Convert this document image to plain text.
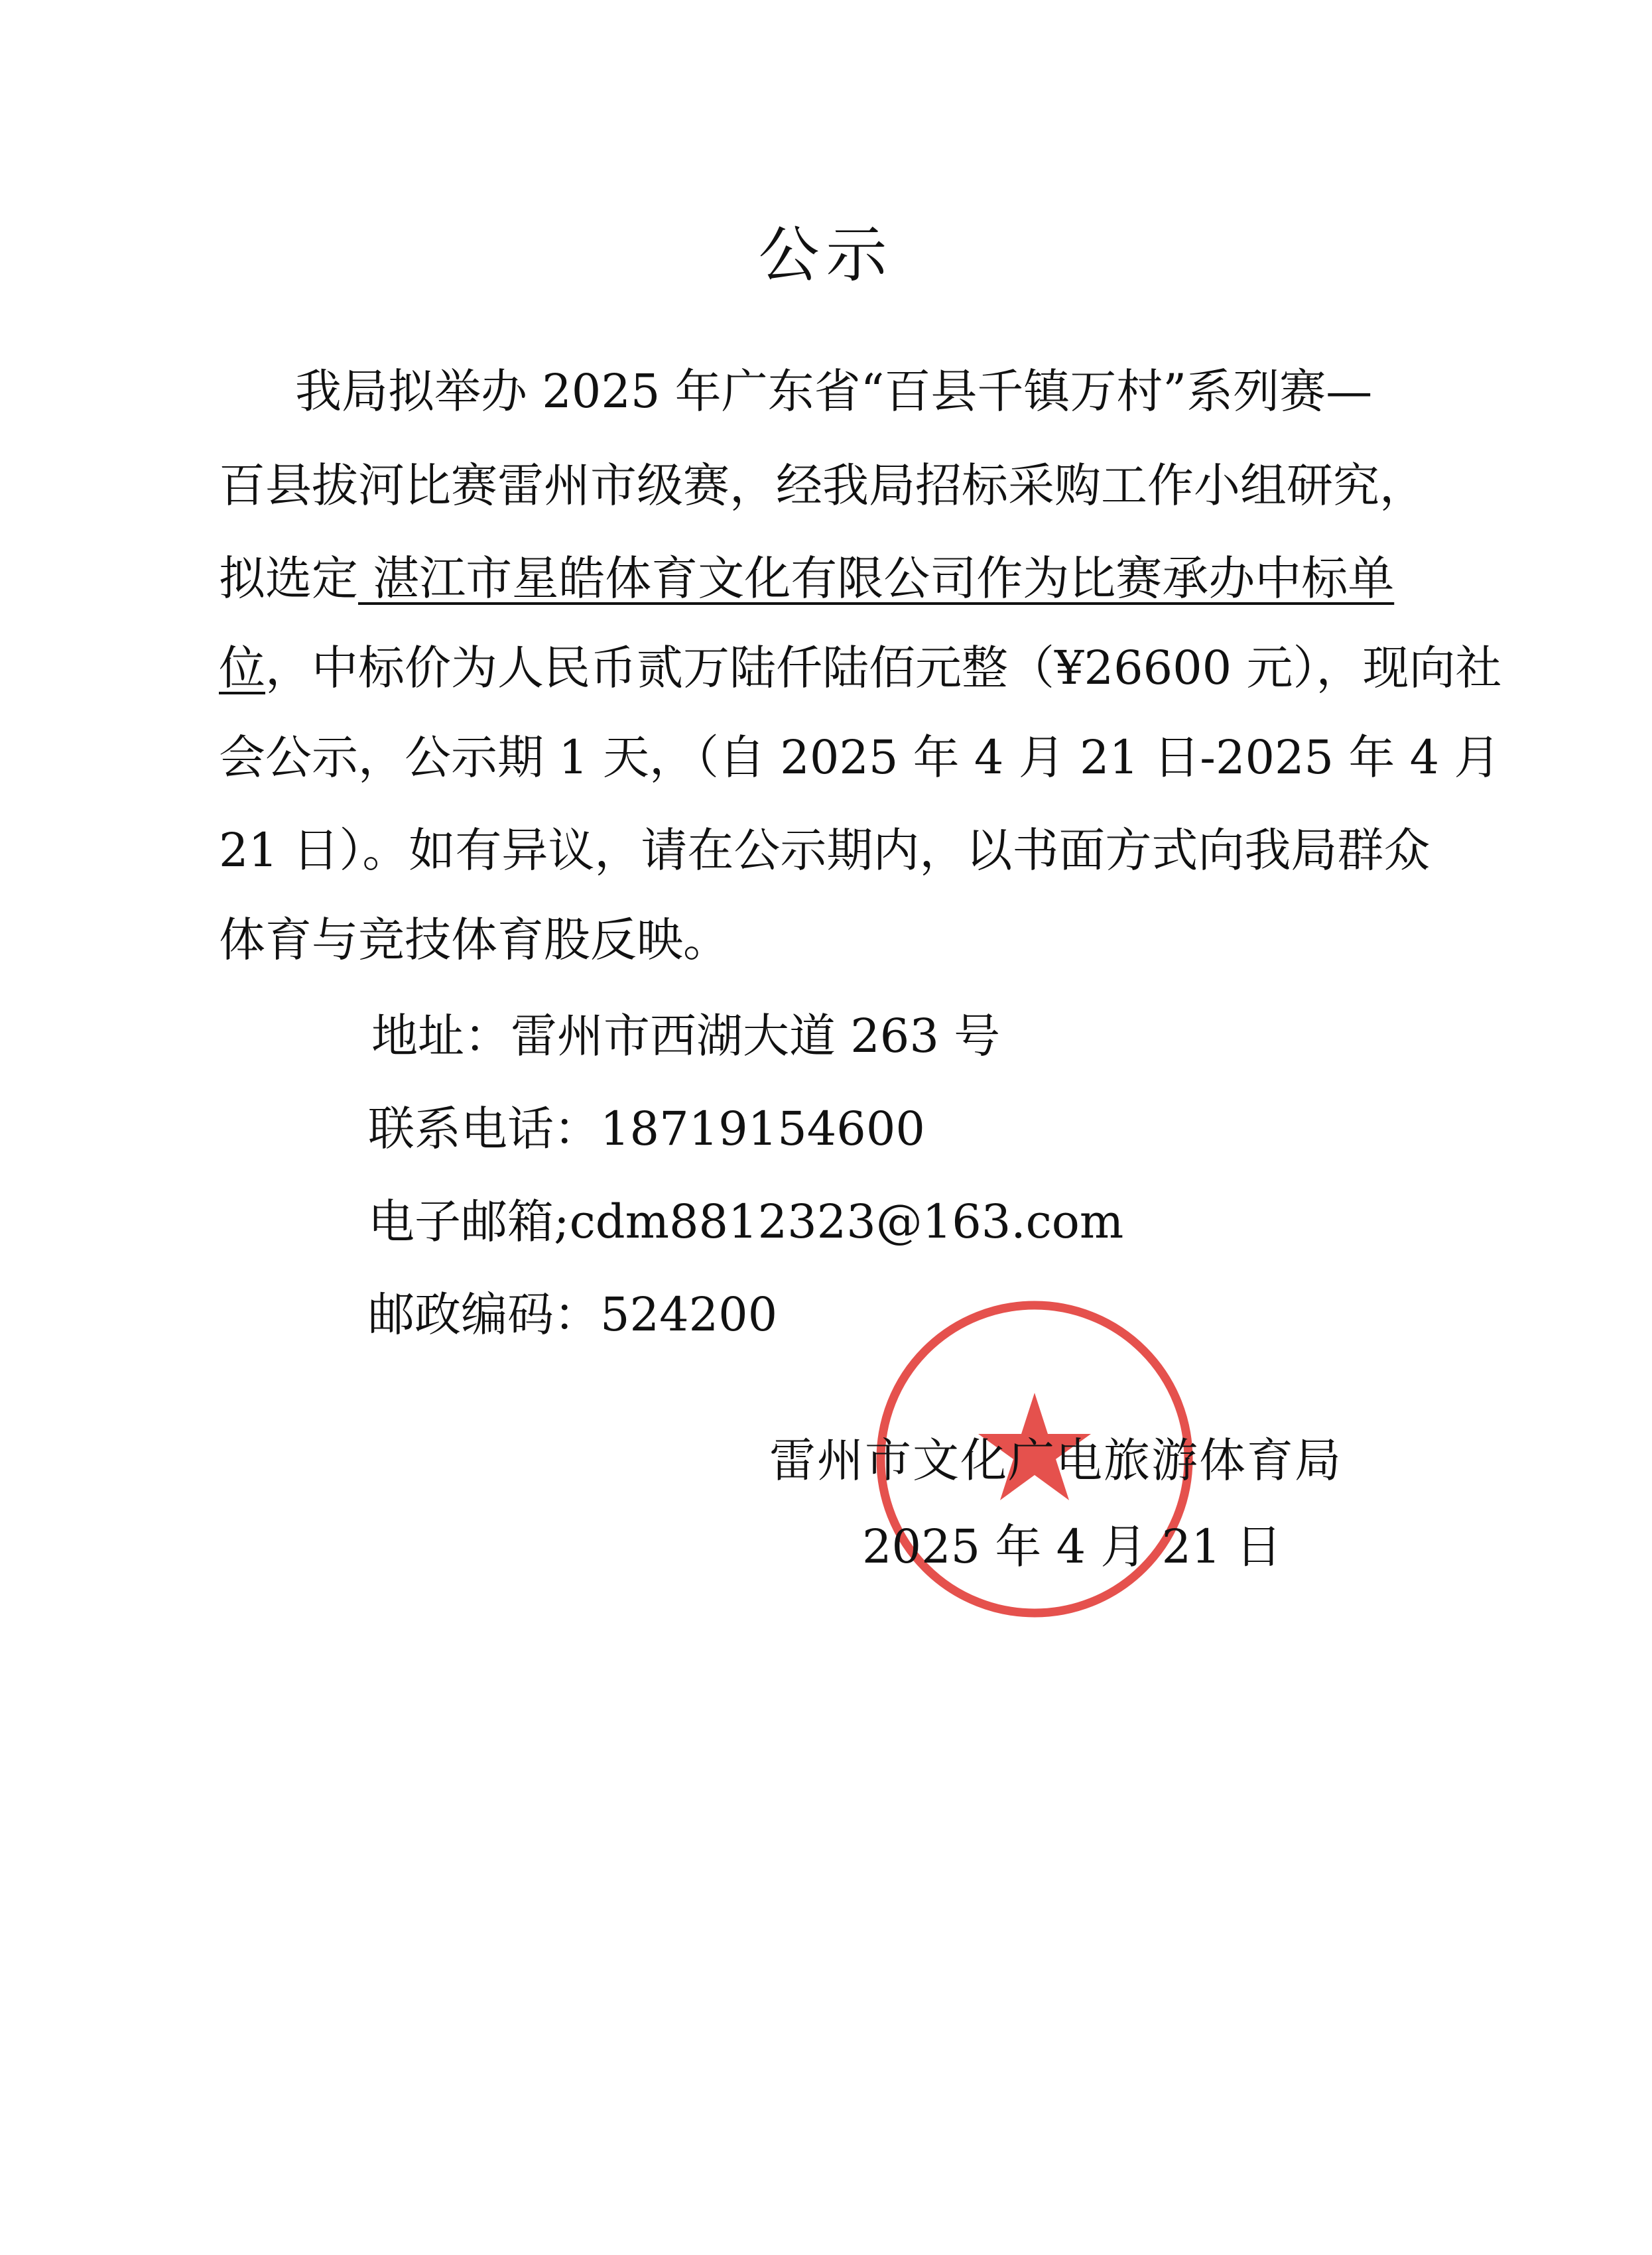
公示
我局拟举办 2025 年广东省“百县千镇万村”系列赛—
百县拔河比赛雷州市级赛，经我局招标采购工作小组研究，
拟选定 湛江市星皓体育文化有限公司作为比赛承办中标单
位，中标价为人民币贰万陆仟陆佰元整（¥26600 元），现向社
会公示，公示期 1 天，（自 2025 年 4 月 21 日-2025 年 4 月
21 日）。如有异议，请在公示期内，以书面方式向我局群众
体育与竞技体育股反映。
地址：雷州市西湖大道 263 号
联系电话：18719154600
电子邮箱;cdm8812323@163.com
邮政编码：524200
雷州市文化广电旅游体育局
2025 年 4 月 21 日
